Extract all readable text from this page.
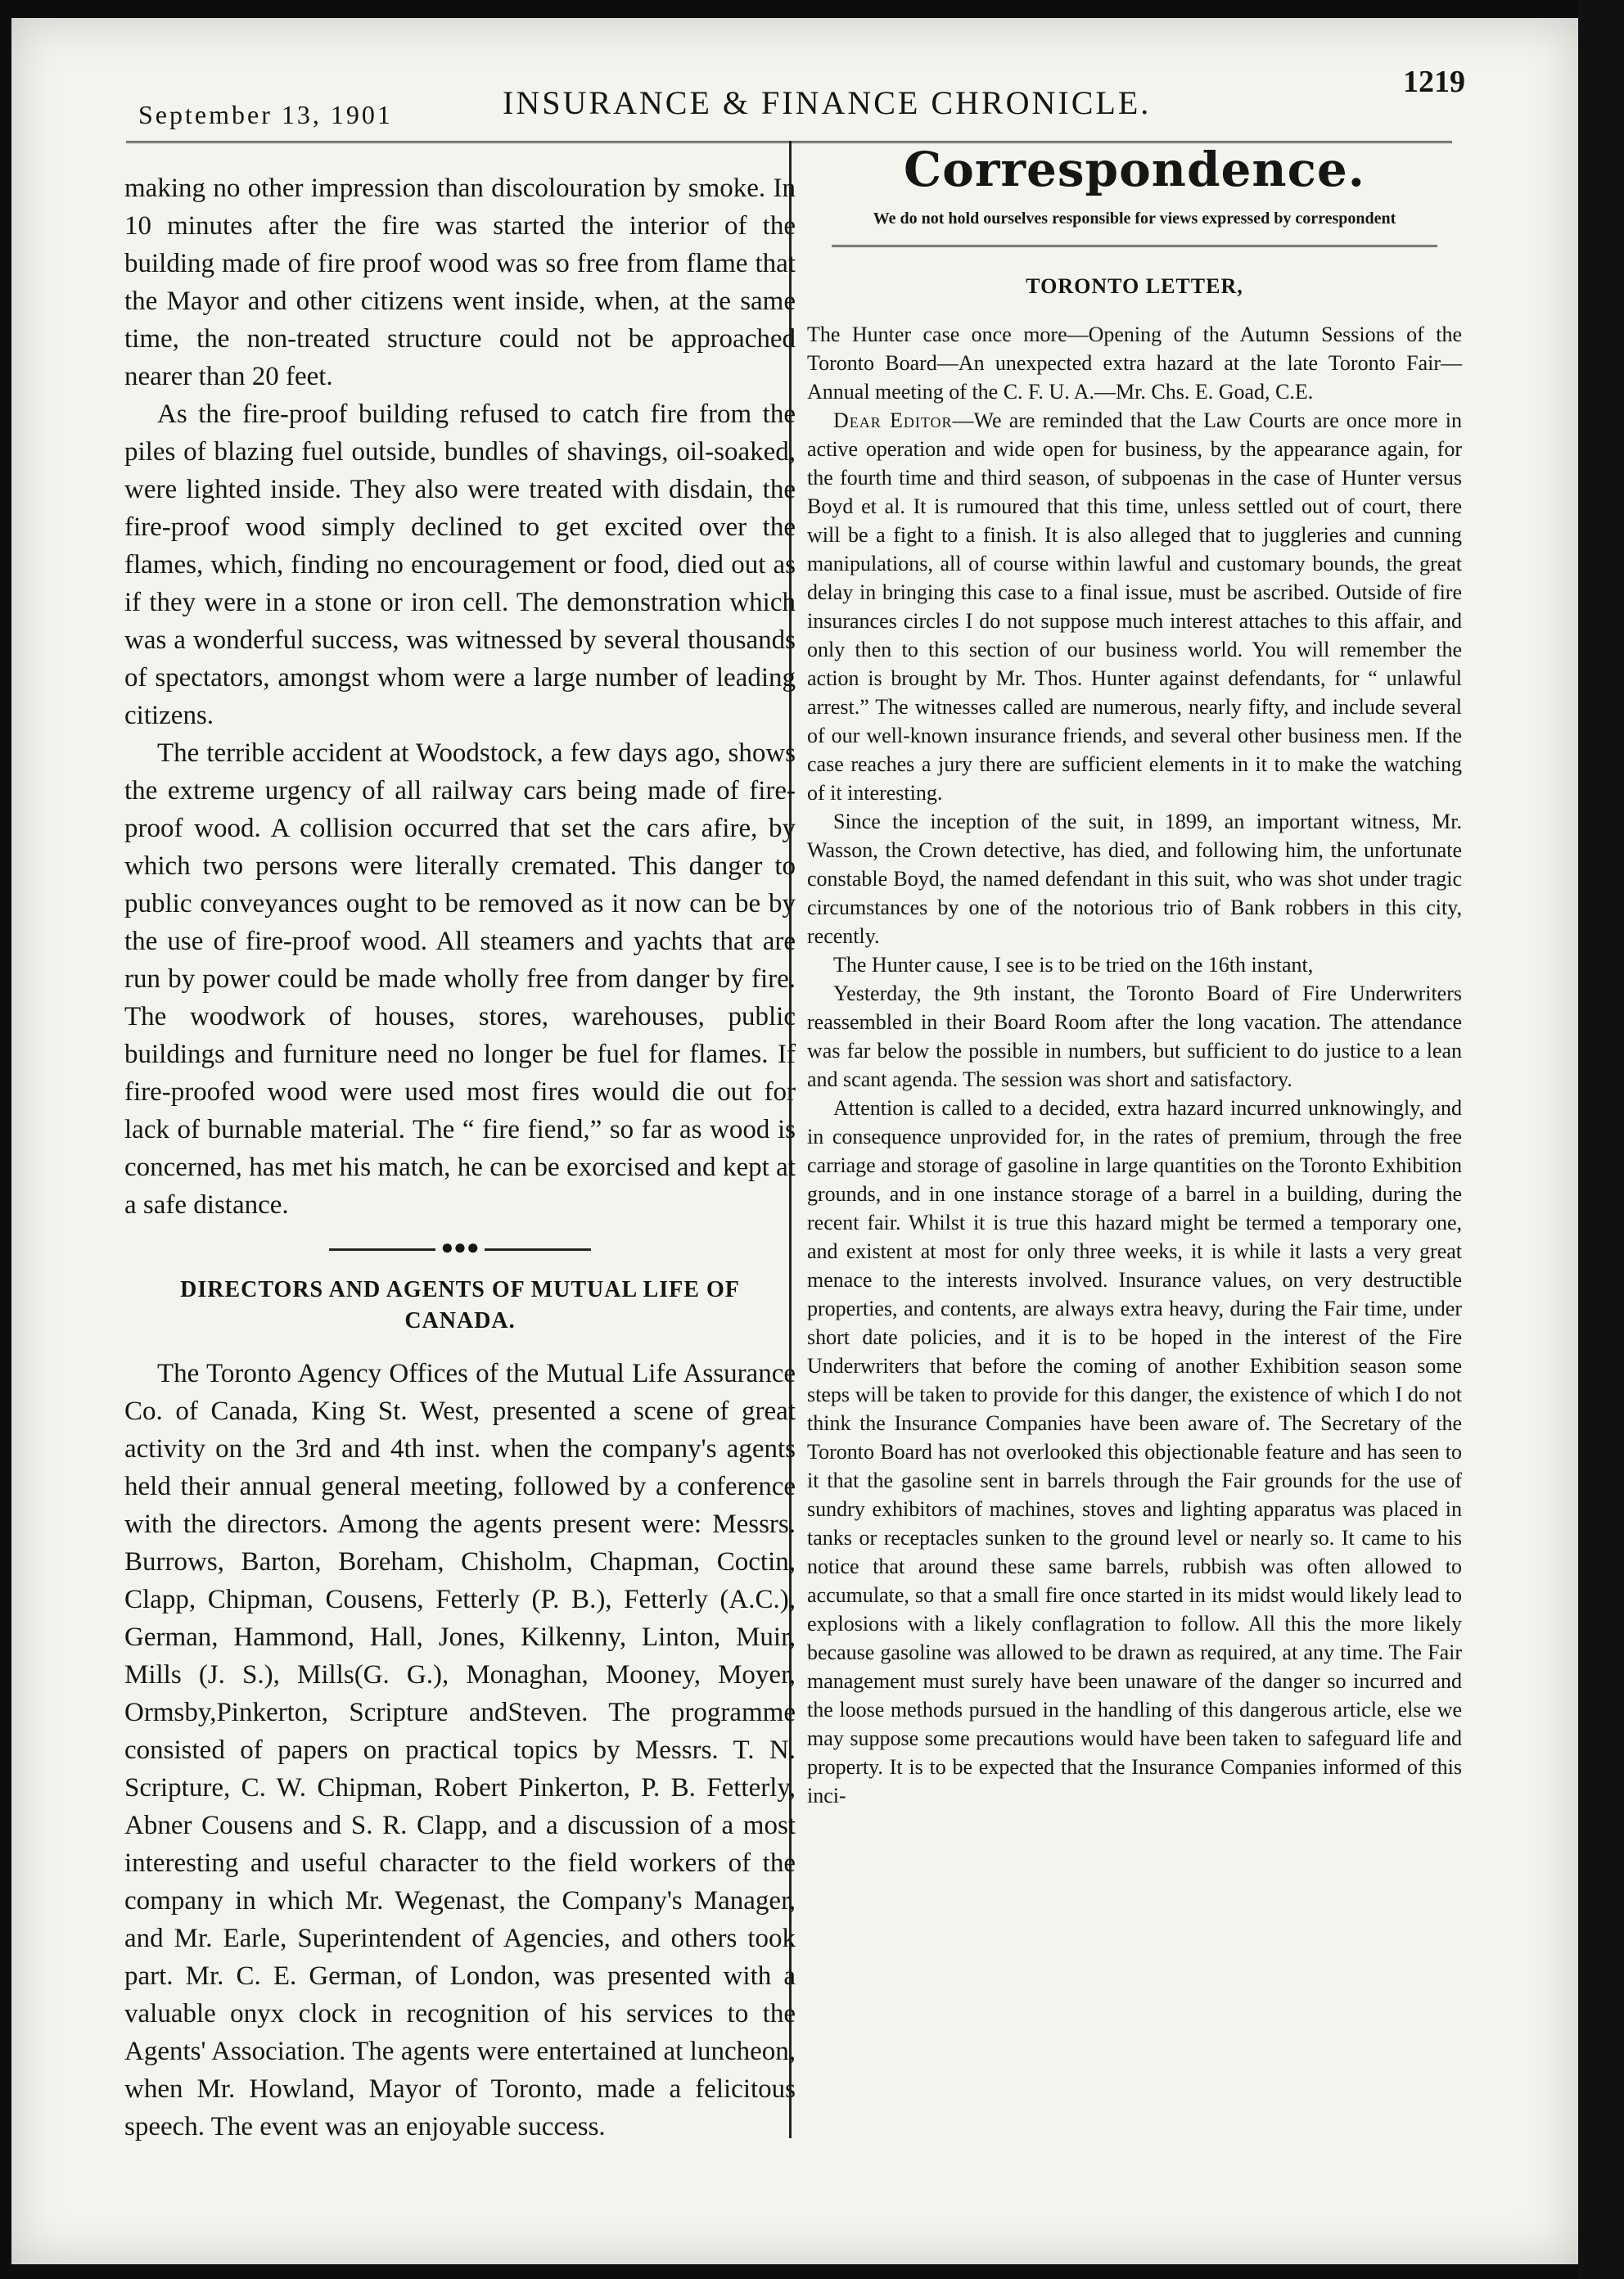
September 13, 1901	INSURANCE & FINANCE CHRONICLE.
1219

making no other impression than discolouration by smoke. In 10 minutes after the fire was started the interior of the building made of fire proof wood was so free from flame that the Mayor and other citizens went inside, when, at the same time, the non-treated structure could not be approached nearer than 20 feet.

As the fire-proof building refused to catch fire from the piles of blazing fuel outside, bundles of shavings, oil-soaked, were lighted inside. They also were treated with disdain, the fire-proof wood simply declined to get excited over the flames, which, finding no encouragement or food, died out as if they were in a stone or iron cell. The demonstration which was a wonderful success, was witnessed by several thousands of spectators, amongst whom were a large number of leading citizens.

The terrible accident at Woodstock, a few days ago, shows the extreme urgency of all railway cars being made of fire-proof wood. A collision occurred that set the cars afire, by which two persons were literally cremated. This danger to public conveyances ought to be removed as it now can be by the use of fire-proof wood. All steamers and yachts that are run by power could be made wholly free from danger by fire. The woodwork of houses, stores, warehouses, public buildings and furniture need no longer be fuel for flames. If fire-proofed wood were used most fires would die out for lack of burnable material. The “ fire fiend,” so far as wood is concerned, has met his match, he can be exorcised and kept at a safe distance.

●●●
DIRECTORS AND AGENTS OF MUTUAL LIFE OF CANADA.

The Toronto Agency Offices of the Mutual Life Assurance Co. of Canada, King St. West, presented a scene of great activity on the 3rd and 4th inst. when the company's agents held their annual general meeting, followed by a conference with the directors. Among the agents present were: Messrs. Burrows, Barton, Boreham, Chisholm, Chapman, Coctin, Clapp, Chipman, Cousens, Fetterly (P. B.), Fetterly (A.C.), German, Hammond, Hall, Jones, Kilkenny, Linton, Muir, Mills (J. S.), Mills(G. G.), Monaghan, Mooney, Moyer, Ormsby,Pinkerton, Scripture andSteven. The programme consisted of papers on practical topics by Messrs. T. N. Scripture, C. W. Chipman, Robert Pinkerton, P. B. Fetterly, Abner Cousens and S. R. Clapp, and a discussion of a most interesting and useful character to the field workers of the company in which Mr. Wegenast, the Company's Manager, and Mr. Earle, Superintendent of Agencies, and others took part. Mr. C. E. German, of London, was presented with a valuable onyx clock in recognition of his services to the Agents' Association. The agents were entertained at luncheon, when Mr. Howland, Mayor of Toronto, made a felicitous speech. The event was an enjoyable success.

Correspondence.
We do not hold ourselves responsible for views expressed by correspondent
TORONTO LETTER,

The Hunter case once more—Opening of the Autumn Sessions of the Toronto Board—An unexpected extra hazard at the late Toronto Fair—Annual meeting of the C. F. U. A.—Mr. Chs. E. Goad, C.E.

Dear Editor—We are reminded that the Law Courts are once more in active operation and wide open for business, by the appearance again, for the fourth time and third season, of subpoenas in the case of Hunter versus Boyd et al. It is rumoured that this time, unless settled out of court, there will be a fight to a finish. It is also alleged that to juggleries and cunning manipulations, all of course within lawful and customary bounds, the great delay in bringing this case to a final issue, must be ascribed. Outside of fire insurances circles I do not suppose much interest attaches to this affair, and only then to this section of our business world. You will remember the action is brought by Mr. Thos. Hunter against defendants, for “ unlawful arrest.” The witnesses called are numerous, nearly fifty, and include several of our well-known insurance friends, and several other business men. If the case reaches a jury there are sufficient elements in it to make the watching of it interesting.

Since the inception of the suit, in 1899, an important witness, Mr. Wasson, the Crown detective, has died, and following him, the unfortunate constable Boyd, the named defendant in this suit, who was shot under tragic circumstances by one of the notorious trio of Bank robbers in this city, recently.

The Hunter cause, I see is to be tried on the 16th instant,

Yesterday, the 9th instant, the Toronto Board of Fire Underwriters reassembled in their Board Room after the long vacation. The attendance was far below the possible in numbers, but sufficient to do justice to a lean and scant agenda. The session was short and satisfactory.

Attention is called to a decided, extra hazard incurred unknowingly, and in consequence unprovided for, in the rates of premium, through the free carriage and storage of gasoline in large quantities on the Toronto Exhibition grounds, and in one instance storage of a barrel in a building, during the recent fair. Whilst it is true this hazard might be termed a temporary one, and existent at most for only three weeks, it is while it lasts a very great menace to the interests involved. Insurance values, on very destructible properties, and contents, are always extra heavy, during the Fair time, under short date policies, and it is to be hoped in the interest of the Fire Underwriters that before the coming of another Exhibition season some steps will be taken to provide for this danger, the existence of which I do not think the Insurance Companies have been aware of. The Secretary of the Toronto Board has not overlooked this objectionable feature and has seen to it that the gasoline sent in barrels through the Fair grounds for the use of sundry exhibitors of machines, stoves and lighting apparatus was placed in tanks or receptacles sunken to the ground level or nearly so. It came to his notice that around these same barrels, rubbish was often allowed to accumulate, so that a small fire once started in its midst would likely lead to explosions with a likely conflagration to follow. All this the more likely because gasoline was allowed to be drawn as required, at any time. The Fair management must surely have been unaware of the danger so incurred and the loose methods pursued in the handling of this dangerous article, else we may suppose some precautions would have been taken to safeguard life and property. It is to be expected that the Insurance Companies informed of this inci-
